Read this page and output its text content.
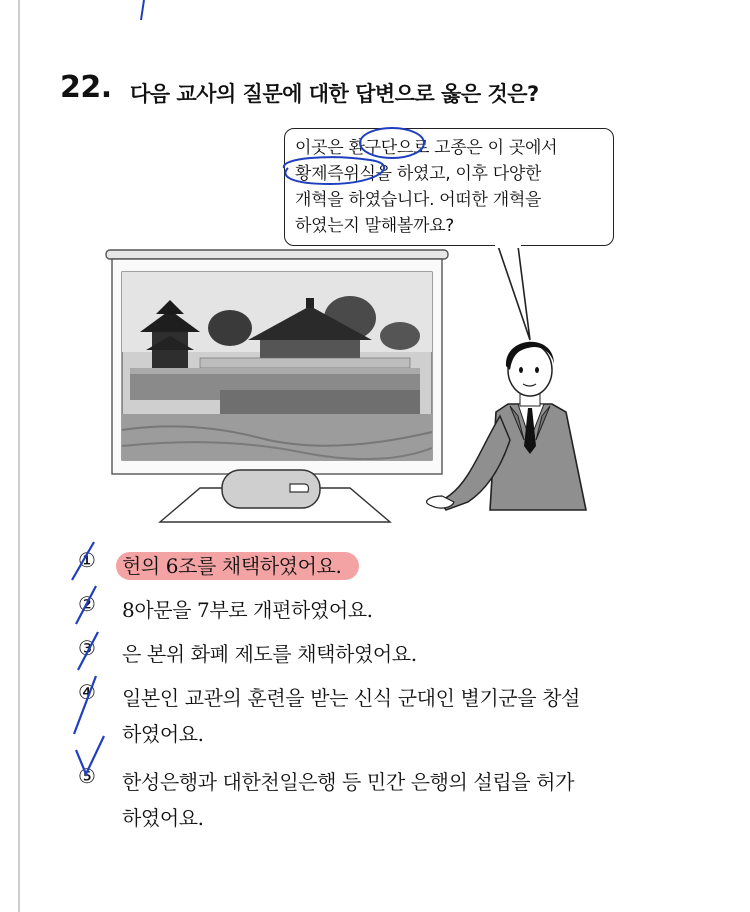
22. 다음 교사의 질문에 대한 답변으로 옳은 것은?
이곳은 환구단으로 고종은 이 곳에서
황제즉위식을 하였고, 이후 다양한
개혁을 하였습니다. 어떠한 개혁을
하였는지 말해볼까요?
① 헌의 6조를 채택하였어요.
② 8아문을 7부로 개편하였어요.
③ 은 본위 화폐 제도를 채택하였어요.
④ 일본인 교관의 훈련을 받는 신식 군대인 별기군을 창설
하였어요.
⑤ 한성은행과 대한천일은행 등 민간 은행의 설립을 허가
하였어요.
